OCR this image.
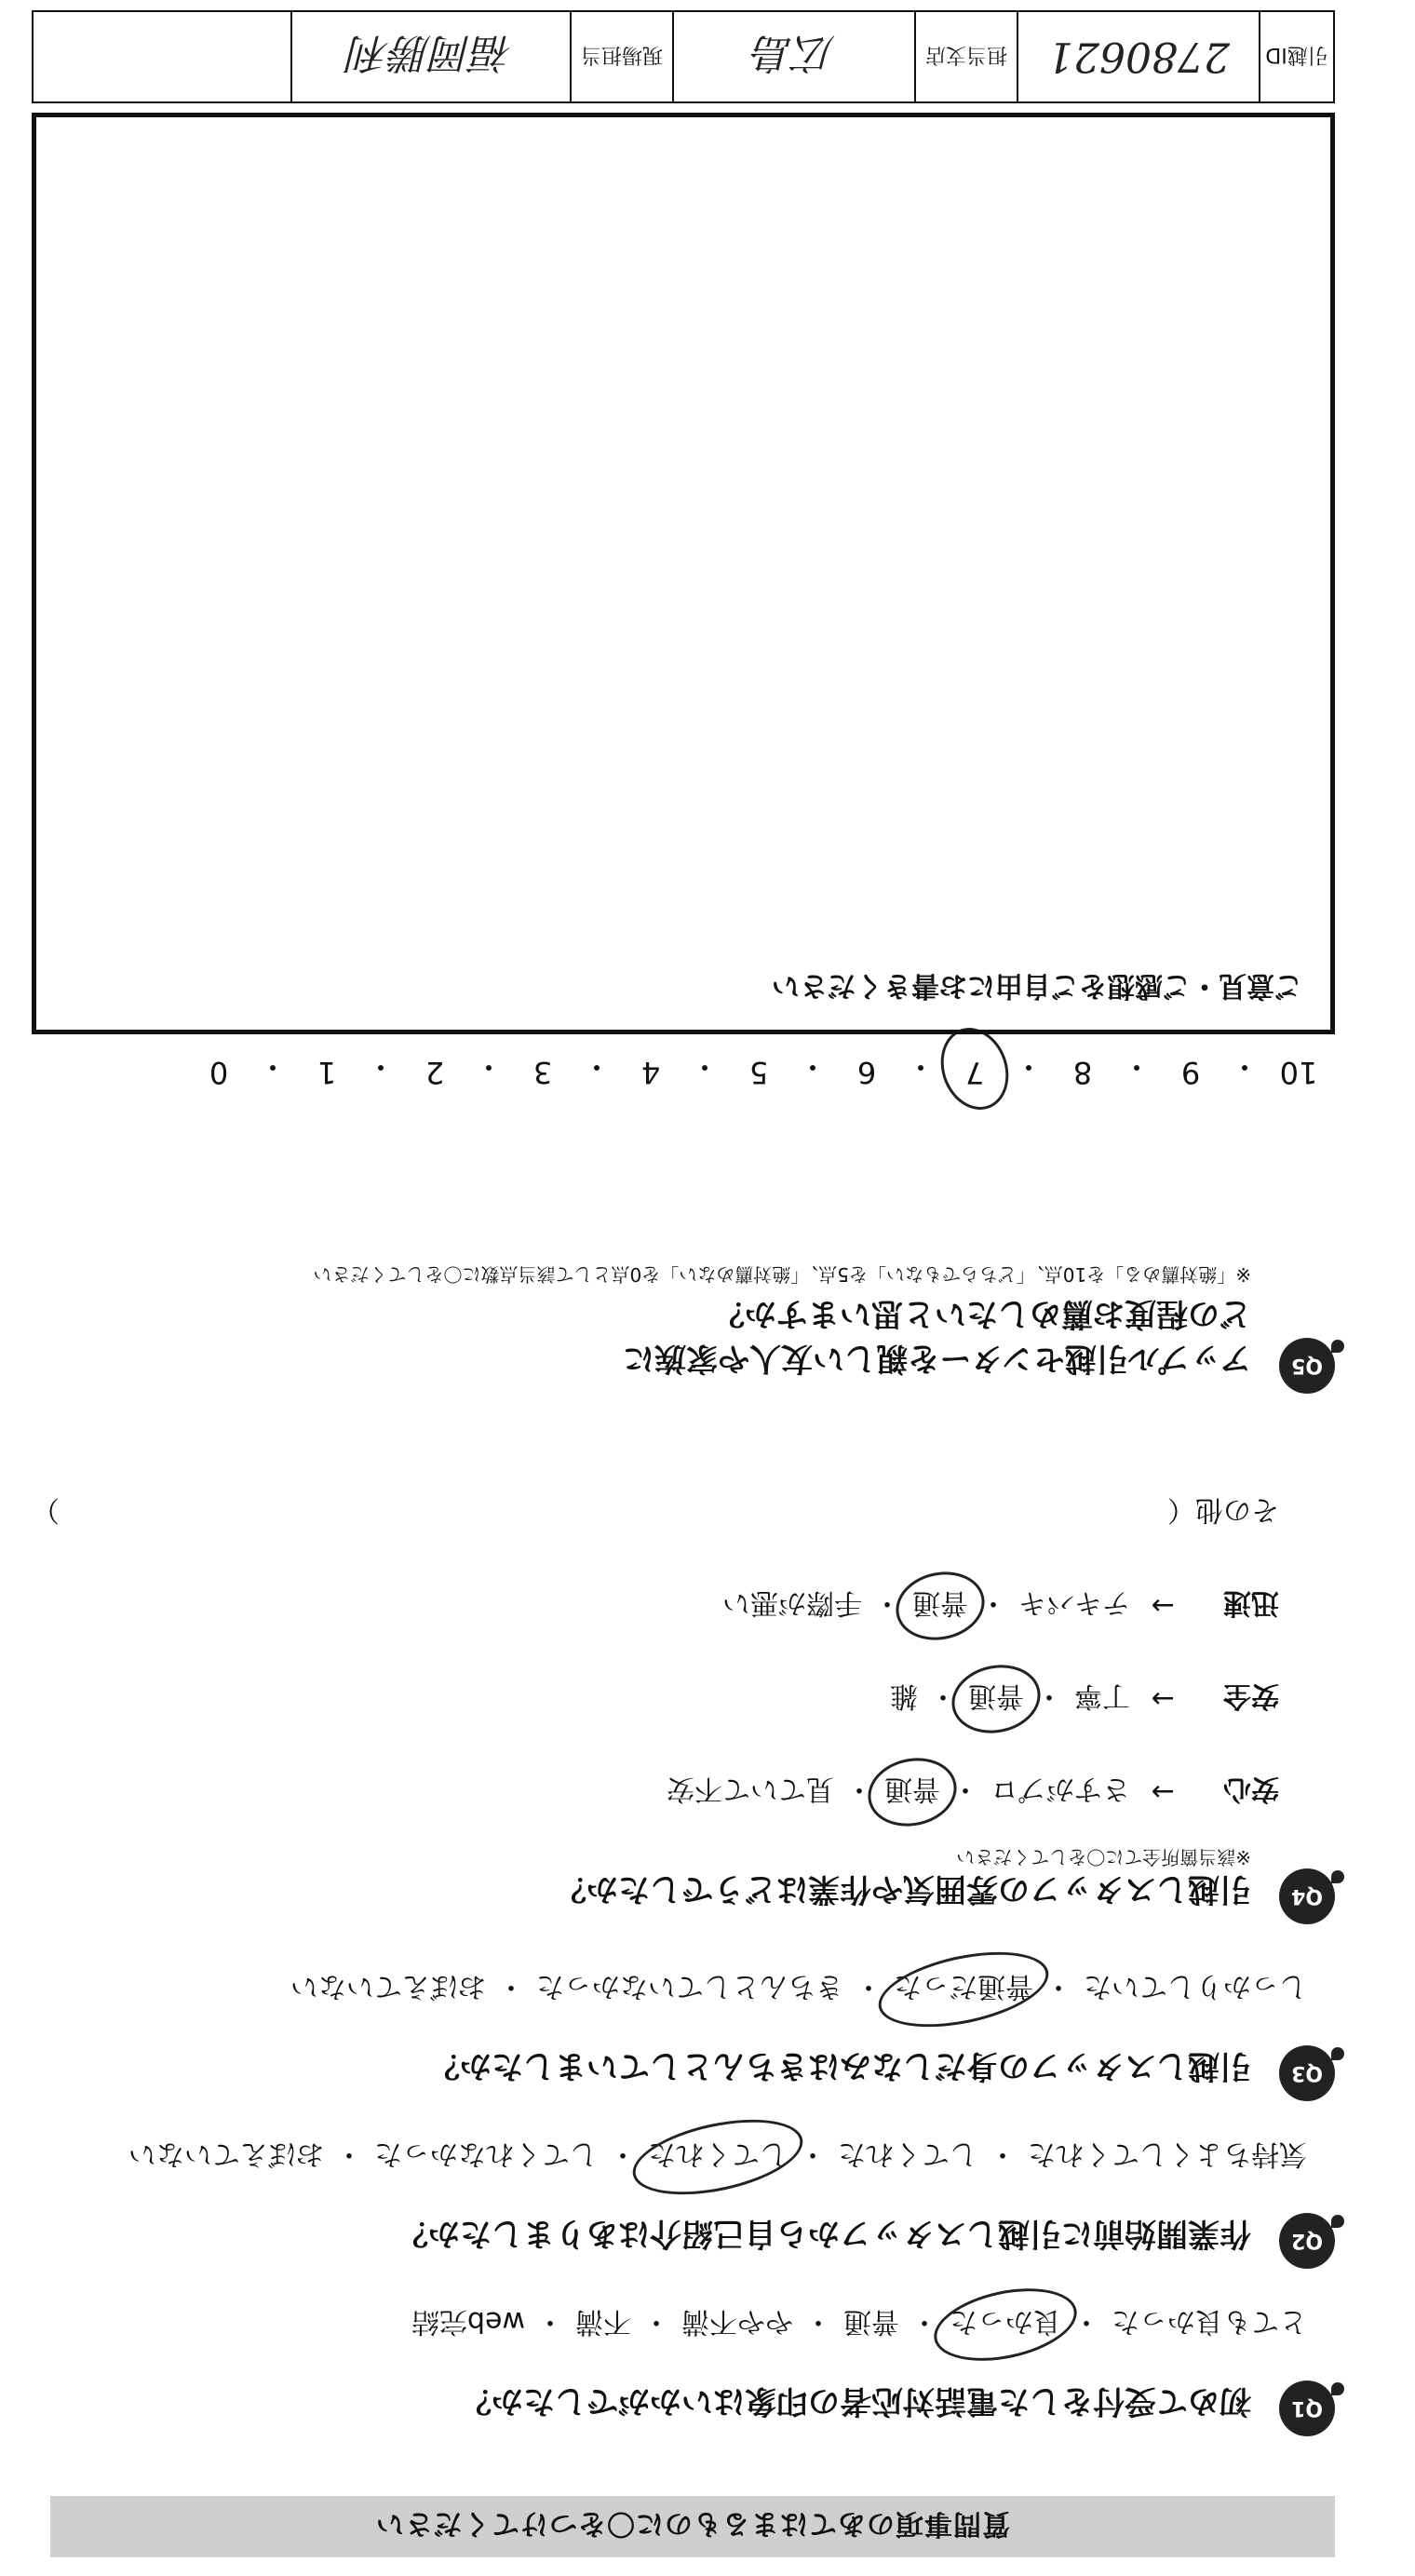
質問事項のあてはまるものに〇をつけてください
Q1
初めて受付をした電話対応者の印象はいかがでしたか？
とても良かった
・
良かった
・
普通
・
やや不満
・
不満
・
web完結
Q2
作業開始前に引越しスタッフから自己紹介はありましたか？
気持ちよくしてくれた
・
してくれた
・
してくれた
・
してくれなかった
・
おぼえていない
Q3
引越しスタッフの身だしなみはきちんとしていましたか？
しっかりしていた
・
普通だった
・
きちんとしていなかった
・
おぼえていない
Q4
引越しスタッフの雰囲気や作業はどうでしたか？
※該当箇所全てに〇をしてください
安心
→
さすがプロ
・
普通
・
見ていて不安
安全
→
丁寧
・
普通
・
雑
迅速
→
テキパキ
・
普通
・
手際が悪い
その他（
）
Q5
アップル引越センターを親しい友人や家族に
どの程度お薦めしたいと思いますか？
※「絶対薦める」を10点、「どちらでもない」を5点、「絶対薦めない」を0点として該当点数に〇をしてください
10
・
9
・
8
・
7
・
6
・
5
・
4
・
3
・
2
・
1
・
0
ご意見・ご感想をご自由にお書きください
引越ID
2780621
担当支店
広島
現場担当
福岡勝利
